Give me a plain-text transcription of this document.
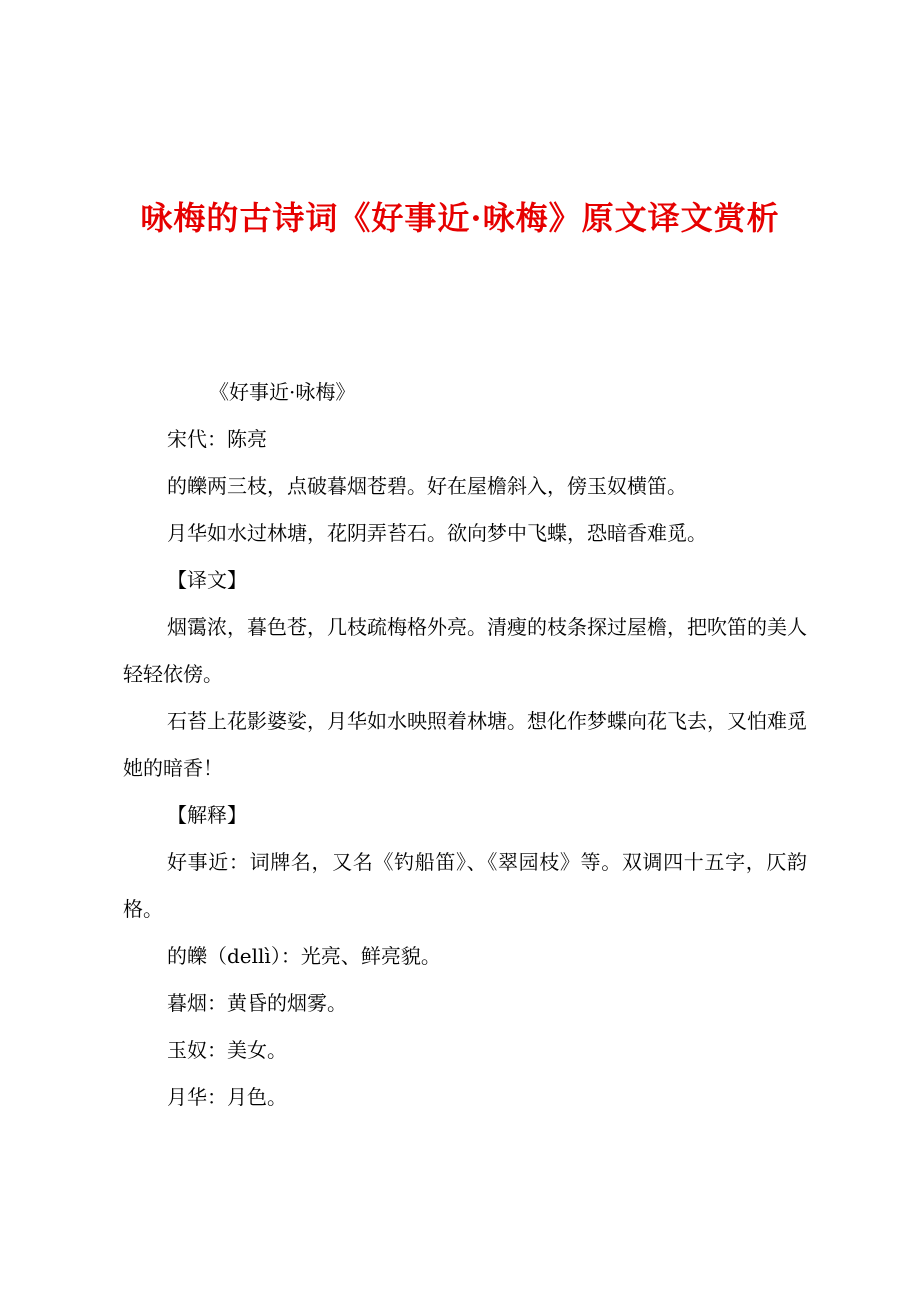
咏梅的古诗词《好事近·咏梅》原文译文赏析

《好事近·咏梅》

宋代：陈亮

的皪两三枝，点破暮烟苍碧。好在屋檐斜入，傍玉奴横笛。

月华如水过林塘，花阴弄苔石。欲向梦中飞蝶，恐暗香难觅。

【译文】

烟霭浓，暮色苍，几枝疏梅格外亮。清瘦的枝条探过屋檐，把吹笛的美人轻轻依傍。

石苔上花影婆娑，月华如水映照着林塘。想化作梦蝶向花飞去，又怕难觅她的暗香！

【解释】

好事近：词牌名，又名《钓船笛》、《翠园枝》等。双调四十五字，仄韵格。

的皪（dellì）：光亮、鲜亮貌。

暮烟：黄昏的烟雾。

玉奴：美女。

月华：月色。
